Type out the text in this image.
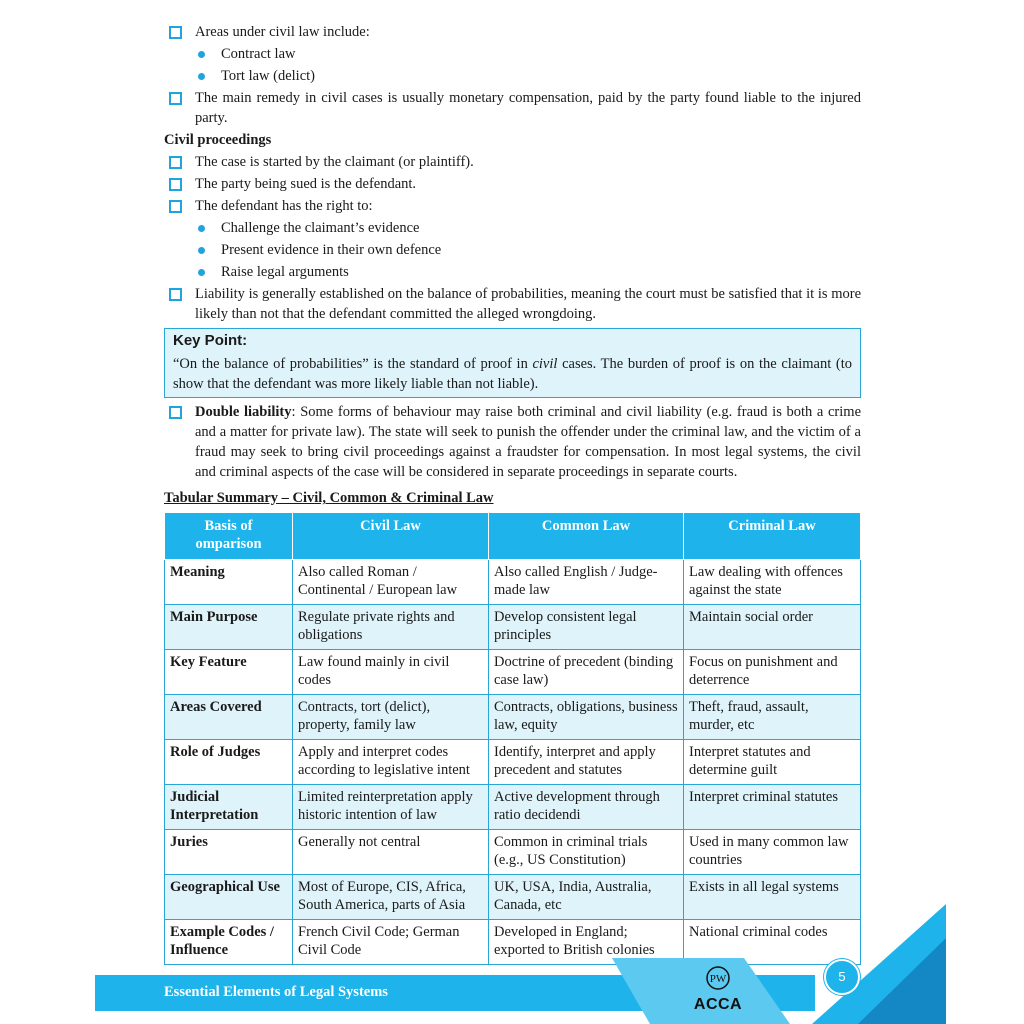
Areas under civil law include:
Contract law
Tort law (delict)
The main remedy in civil cases is usually monetary compensation, paid by the party found liable to the injured party.
Civil proceedings
The case is started by the claimant (or plaintiff).
The party being sued is the defendant.
The defendant has the right to:
Challenge the claimant’s evidence
Present evidence in their own defence
Raise legal arguments
Liability is generally established on the balance of probabilities, meaning the court must be satisfied that it is more likely than not that the defendant committed the alleged wrongdoing.
Key Point:
“On the balance of probabilities” is the standard of proof in civil cases. The burden of proof is on the claimant (to show that the defendant was more likely liable than not liable).
Double liability: Some forms of behaviour may raise both criminal and civil liability (e.g. fraud is both a crime and a matter for private law). The state will seek to punish the offender under the criminal law, and the victim of a fraud may seek to bring civil proceedings against a fraudster for compensation. In most legal systems, the civil and criminal aspects of the case will be considered in separate proceedings in separate courts.
Tabular Summary – Civil, Common & Criminal Law
Basis of omparison	Civil Law	Common Law	Criminal Law
Meaning	Also called Roman / Continental / European law	Also called English / Judge-made law	Law dealing with offences against the state
Main Purpose	Regulate private rights and obligations	Develop consistent legal principles	Maintain social order
Key Feature	Law found mainly in civil codes	Doctrine of precedent (binding case law)	Focus on punishment and deterrence
Areas Covered	Contracts, tort (delict), property, family law	Contracts, obligations, business law, equity	Theft, fraud, assault, murder, etc
Role of Judges	Apply and interpret codes according to legislative intent	Identify, interpret and apply precedent and statutes	Interpret statutes and determine guilt
Judicial Interpretation	Limited reinterpretation apply historic intention of law	Active development through ratio decidendi	Interpret criminal statutes
Juries	Generally not central	Common in criminal trials (e.g., US Constitution)	Used in many common law countries
Geographical Use	Most of Europe, CIS, Africa, South America, parts of Asia	UK, USA, India, Australia, Canada, etc	Exists in all legal systems
Example Codes / Influence	French Civil Code; German Civil Code	Developed in England; exported to British colonies	National criminal codes
Essential Elements of Legal Systems
PW
ACCA
5
